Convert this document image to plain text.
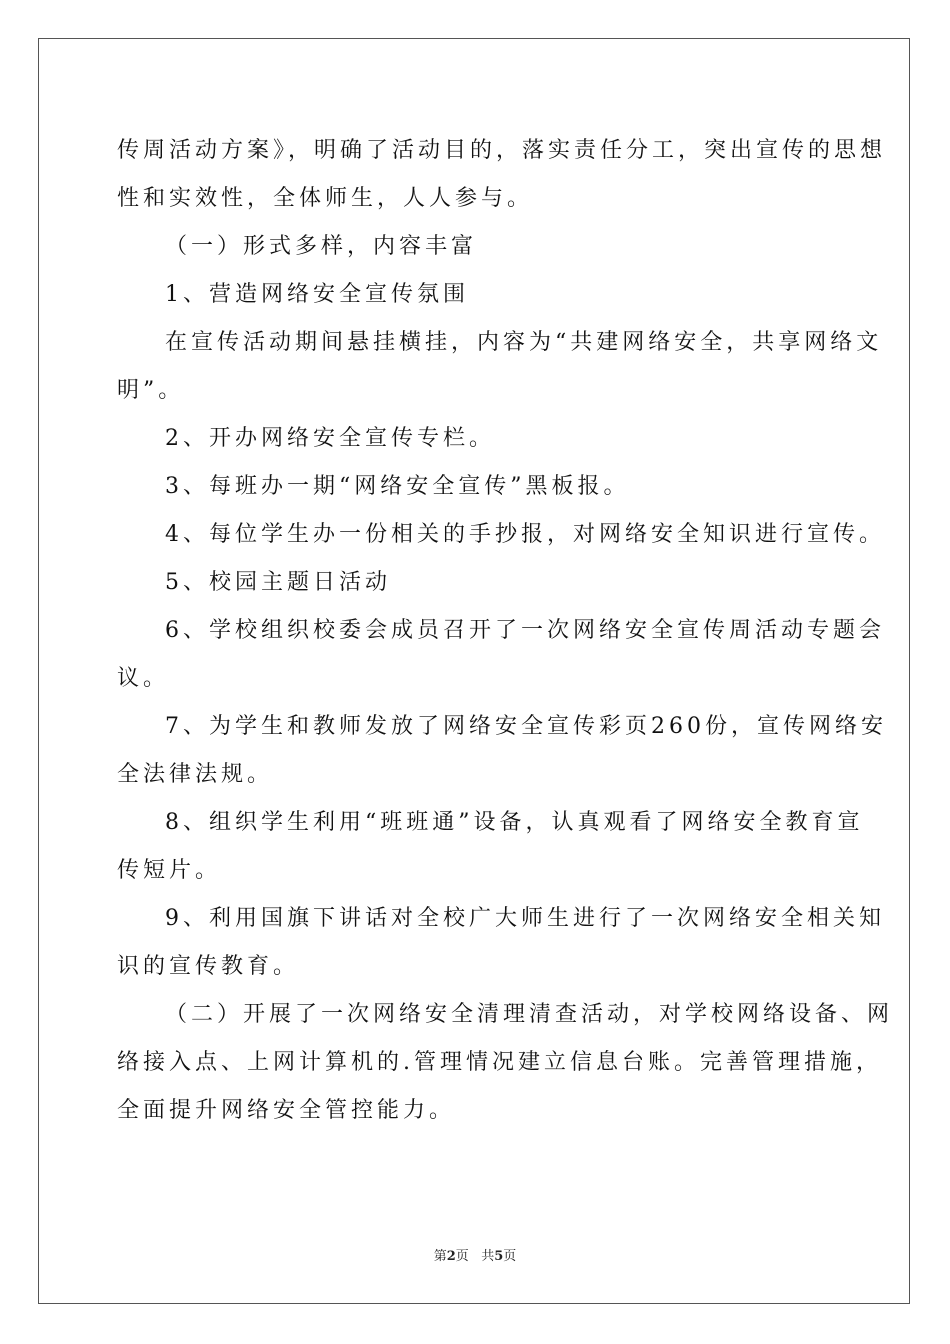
传周活动方案》，明确了活动目的，落实责任分工，突出宣传的思想

性和实效性，全体师生，人人参与。

（一）形式多样，内容丰富

1、营造网络安全宣传氛围

在宣传活动期间悬挂横挂，内容为“共建网络安全，共享网络文

明”。

2、开办网络安全宣传专栏。

3、每班办一期“网络安全宣传”黑板报。

4、每位学生办一份相关的手抄报，对网络安全知识进行宣传。

5、校园主题日活动

6、学校组织校委会成员召开了一次网络安全宣传周活动专题会

议。

7、为学生和教师发放了网络安全宣传彩页260份，宣传网络安

全法律法规。

8、组织学生利用“班班通”设备，认真观看了网络安全教育宣

传短片。

9、利用国旗下讲话对全校广大师生进行了一次网络安全相关知

识的宣传教育。

（二）开展了一次网络安全清理清查活动，对学校网络设备、网

络接入点、上网计算机的.管理情况建立信息台账。完善管理措施，

全面提升网络安全管控能力。

第2页 共5页
